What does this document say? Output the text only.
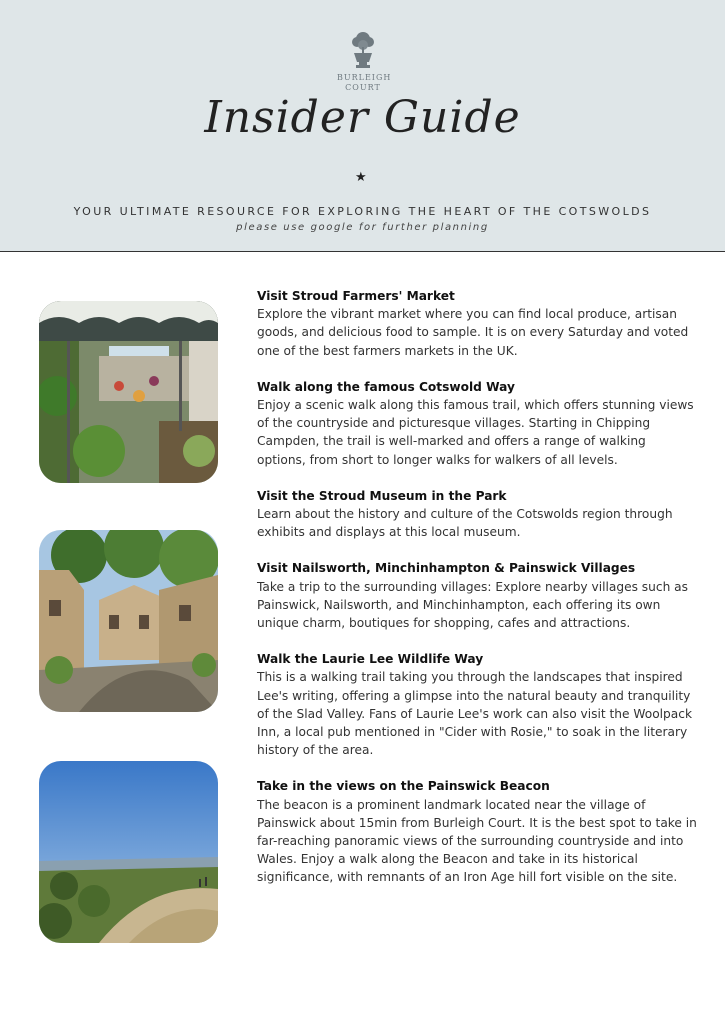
BURLEIGH
COURT
Insider Guide
★
YOUR ULTIMATE RESOURCE FOR EXPLORING THE HEART OF THE COTSWOLDS
please use google for further planning
Visit Stroud Farmers' Market

Explore the vibrant market where you can find local produce, artisan goods, and delicious food to sample. It is on every Saturday and voted one of the best farmers markets in the UK.

Walk along the famous Cotswold Way

Enjoy a scenic walk along this famous trail, which offers stunning views of the countryside and picturesque villages. Starting in Chipping Campden, the trail is well-marked and offers a range of walking options, from short to longer walks for walkers of all levels.

Visit the Stroud Museum in the Park

Learn about the history and culture of the Cotswolds region through exhibits and displays at this local museum.

Visit Nailsworth, Minchinhampton & Painswick Villages

Take a trip to the surrounding villages: Explore nearby villages such as Painswick, Nailsworth, and Minchinhampton, each offering its own unique charm, boutiques for shopping, cafes and attractions.

Walk the Laurie Lee Wildlife Way

This is a walking trail taking you through the landscapes that inspired Lee's writing, offering a glimpse into the natural beauty and tranquility of the Slad Valley. Fans of Laurie Lee's work can also visit the Woolpack Inn, a local pub mentioned in "Cider with Rosie," to soak in the literary history of the area.

Take in the views on the Painswick Beacon

The beacon is a prominent landmark located near the village of Painswick about 15min from Burleigh Court. It is the best spot to take in far-reaching panoramic views of the surrounding countryside and into Wales. Enjoy a walk along the Beacon and take in its historical significance, with remnants of an Iron Age hill fort visible on the site.
